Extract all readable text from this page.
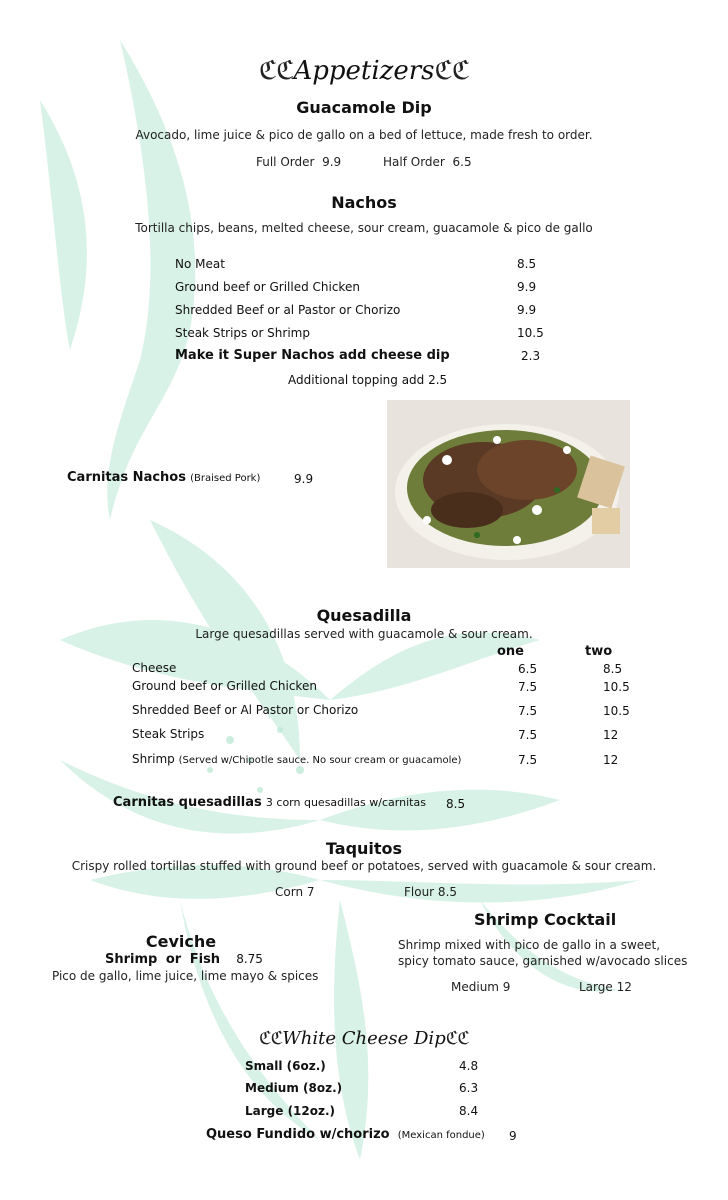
ℭℭAppetizersℭℭ
Guacamole Dip
Avocado, lime juice & pico de gallo on a bed of lettuce, made fresh to order.
Full Order 9.9	Half Order 6.5
Nachos
Tortilla chips, beans, melted cheese, sour cream, guacamole & pico de gallo
No Meat	8.5
Ground beef or Grilled Chicken	9.9
Shredded Beef or al Pastor or Chorizo	9.9
Steak Strips or Shrimp	10.5
Make it Super Nachos add cheese dip	2.3
Additional topping add 2.5
Carnitas Nachos (Braised Pork)	9.9
Quesadilla
Large quesadillas served with guacamole & sour cream.
one	two
Cheese	6.5	8.5
Ground beef or Grilled Chicken	7.5	10.5
Shredded Beef or Al Pastor or Chorizo	7.5	10.5
Steak Strips	7.5	12
Shrimp (Served w/Chipotle sauce. No sour cream or guacamole)	7.5	12
Carnitas quesadillas 3 corn quesadillas w/carnitas 8.5
Taquitos
Crispy rolled tortillas stuffed with ground beef or potatoes, served with guacamole & sour cream.
Corn 7	Flour 8.5
Shrimp Cocktail
Shrimp mixed with pico de gallo in a sweet,
spicy tomato sauce, garnished w/avocado slices
Medium 9	Large 12
Ceviche
Shrimp or Fish 8.75
Pico de gallo, lime juice, lime mayo & spices
ℭℭWhite Cheese Dipℭℭ
Small (6oz.)	4.8
Medium (8oz.)	6.3
Large (12oz.)	8.4
Queso Fundido w/chorizo (Mexican fondue) 9
